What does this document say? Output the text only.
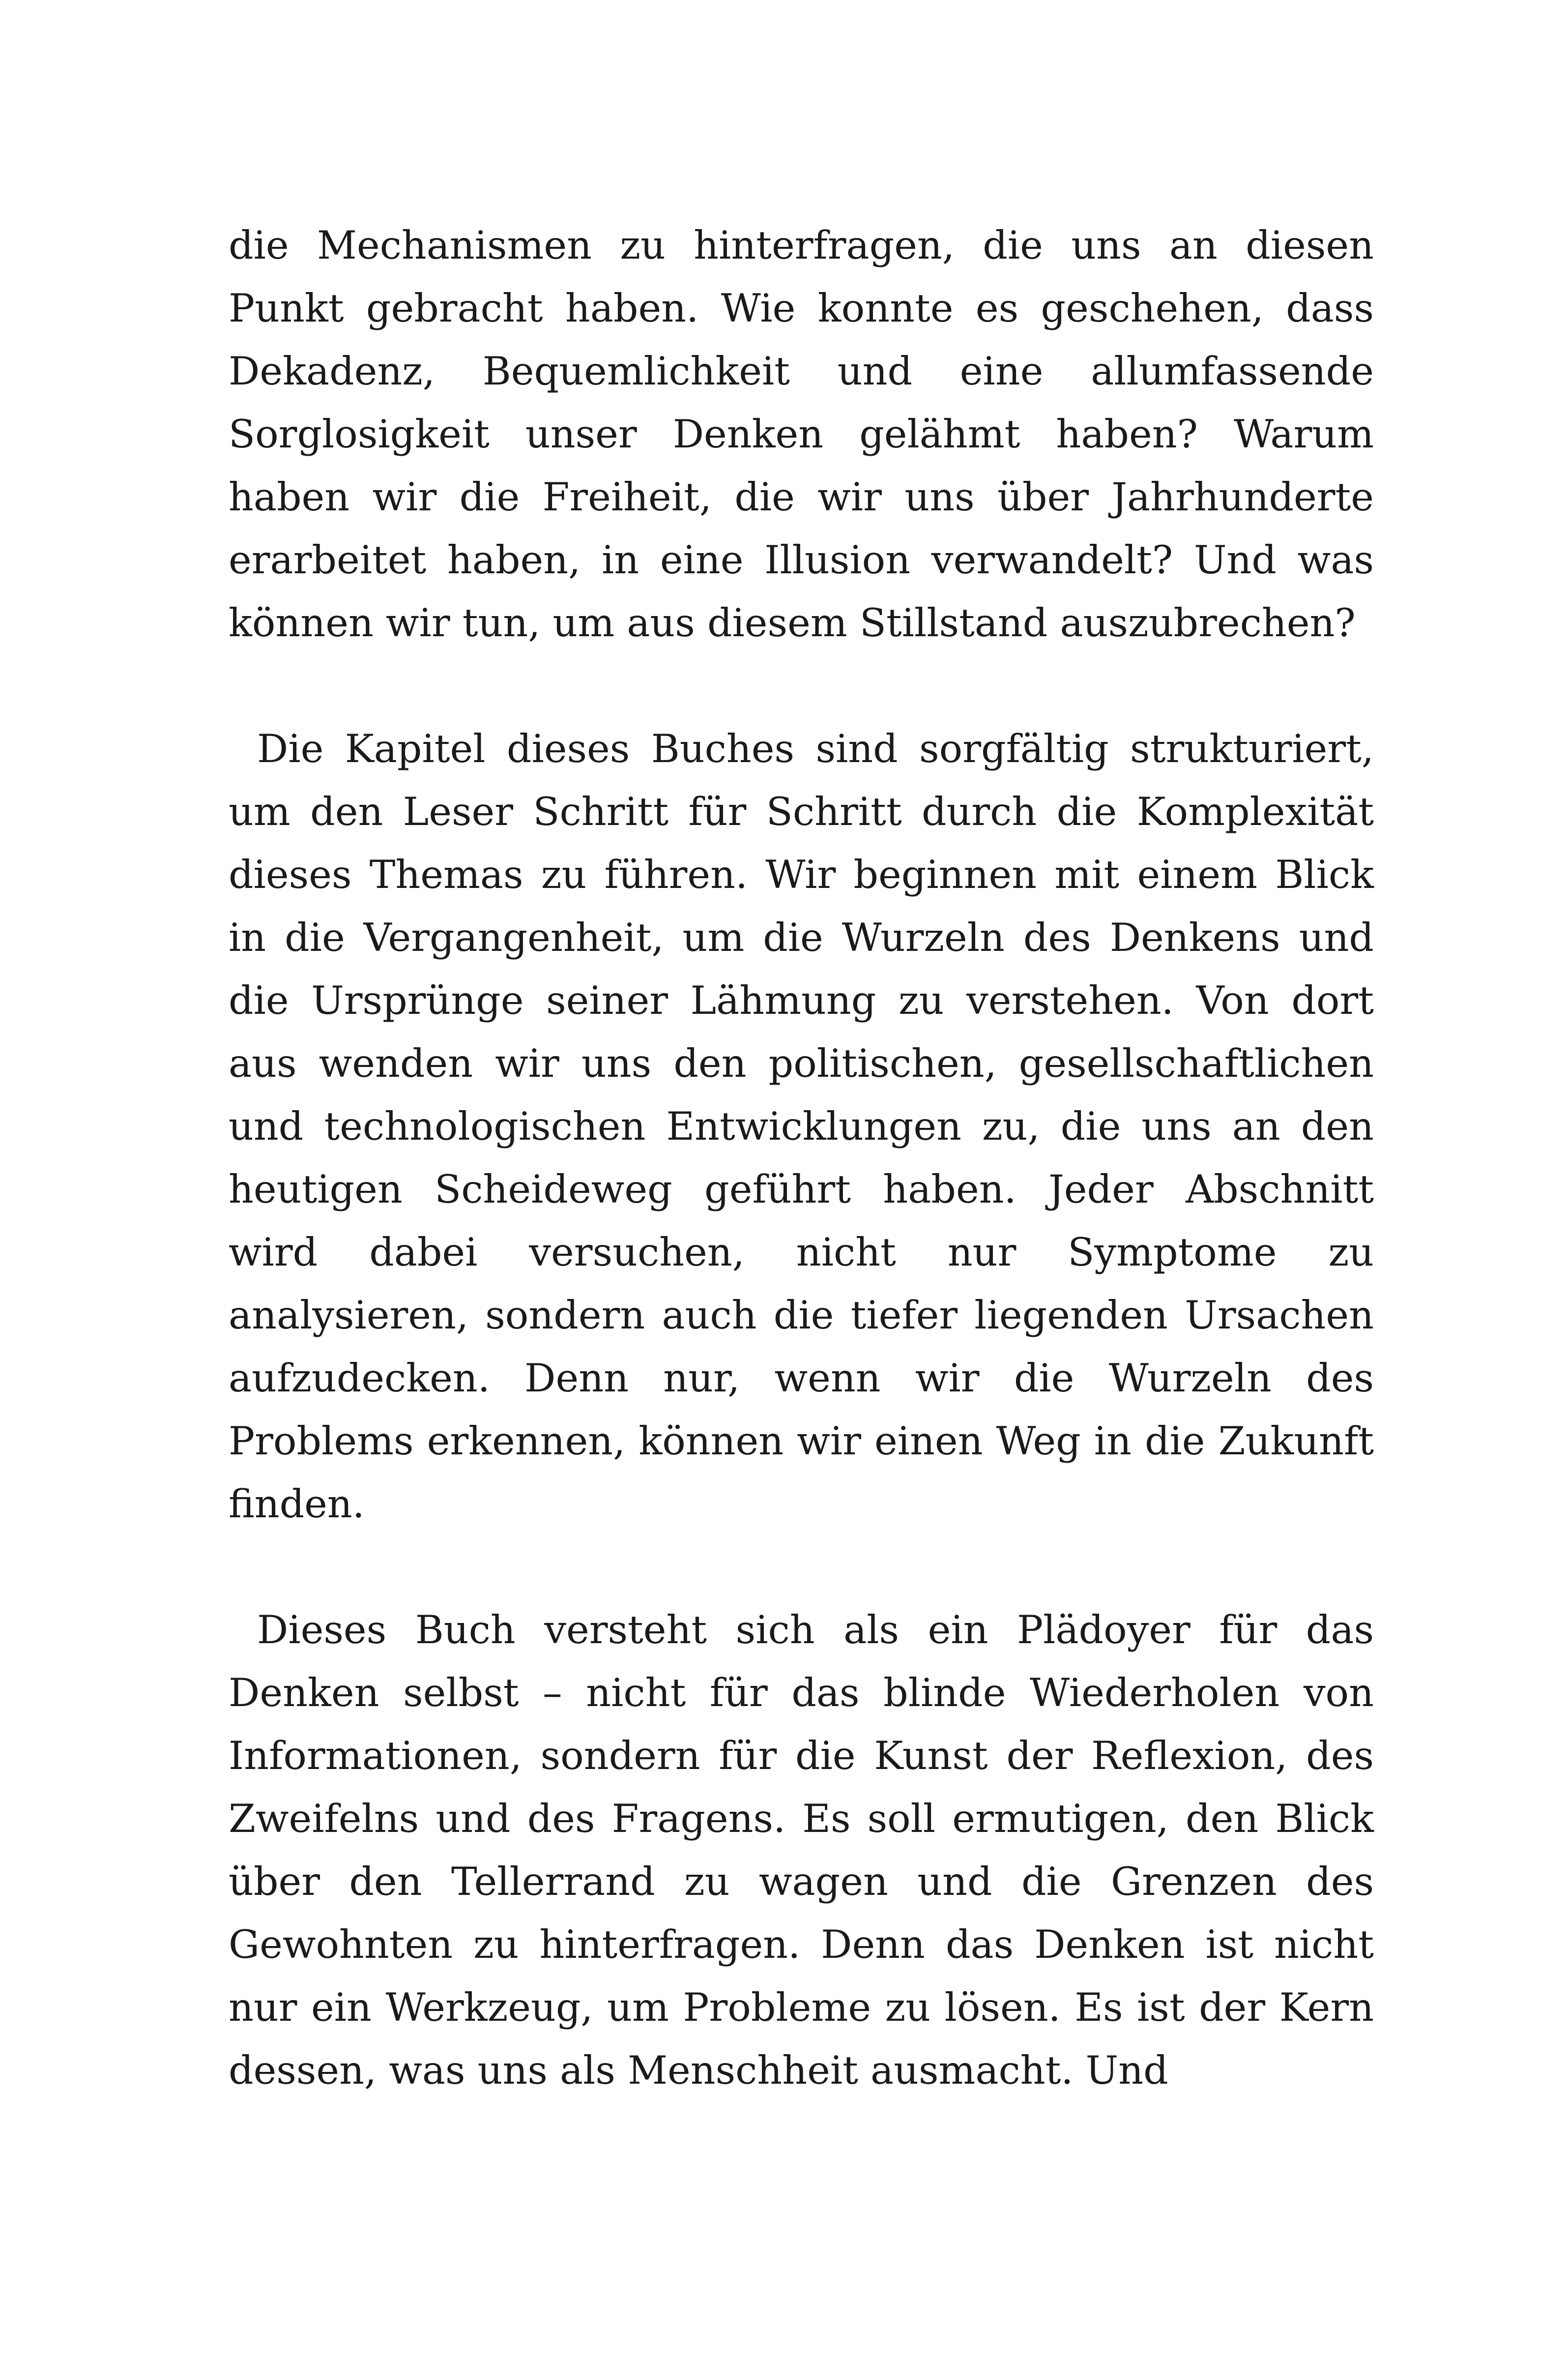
die Mechanismen zu hinterfragen, die uns an diesen Punkt gebracht haben. Wie konnte es geschehen, dass Dekadenz, Bequemlichkeit und eine allumfassende Sorglosigkeit unser Denken gelähmt haben? Warum haben wir die Freiheit, die wir uns über Jahrhunderte erarbeitet haben, in eine Illusion verwandelt? Und was können wir tun, um aus diesem Stillstand auszubrechen?

Die Kapitel dieses Buches sind sorgfältig strukturiert, um den Leser Schritt für Schritt durch die Komplexität dieses Themas zu führen. Wir beginnen mit einem Blick in die Vergangenheit, um die Wurzeln des Denkens und die Ursprünge seiner Lähmung zu verstehen. Von dort aus wenden wir uns den politischen, gesellschaftlichen und technologischen Entwicklungen zu, die uns an den heutigen Scheideweg geführt haben. Jeder Abschnitt wird dabei versuchen, nicht nur Symptome zu analysieren, sondern auch die tiefer liegenden Ursachen aufzudecken. Denn nur, wenn wir die Wurzeln des Problems erkennen, können wir einen Weg in die Zukunft finden.

Dieses Buch versteht sich als ein Plädoyer für das Denken selbst – nicht für das blinde Wiederholen von Informationen, sondern für die Kunst der Reflexion, des Zweifelns und des Fragens. Es soll ermutigen, den Blick über den Tellerrand zu wagen und die Grenzen des Gewohnten zu hinterfragen. Denn das Denken ist nicht nur ein Werkzeug, um Probleme zu lösen. Es ist der Kern dessen, was uns als Menschheit ausmacht. Und
